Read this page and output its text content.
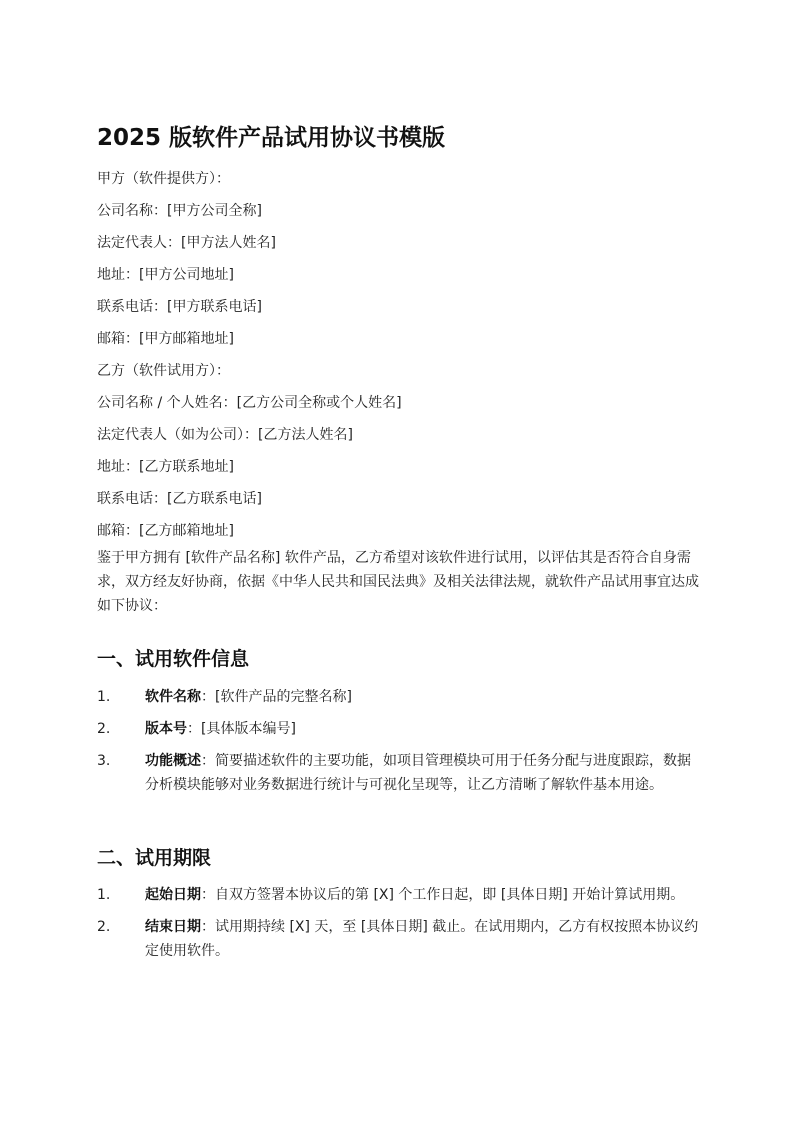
2025 版软件产品试用协议书模版
甲方（软件提供方）：
公司名称：[甲方公司全称]
法定代表人：[甲方法人姓名]
地址：[甲方公司地址]
联系电话：[甲方联系电话]
邮箱：[甲方邮箱地址]
乙方（软件试用方）：
公司名称 / 个人姓名：[乙方公司全称或个人姓名]
法定代表人（如为公司）：[乙方法人姓名]
地址：[乙方联系地址]
联系电话：[乙方联系电话]
邮箱：[乙方邮箱地址]

鉴于甲方拥有 [软件产品名称] 软件产品，乙方希望对该软件进行试用，以评估其是否符合自身需求，双方经友好协商，依据《中华人民共和国民法典》及相关法律法规，就软件产品试用事宜达成如下协议：

一、试用软件信息
1.	软件名称：[软件产品的完整名称]
2.	版本号：[具体版本编号]
3.	功能概述：简要描述软件的主要功能，如项目管理模块可用于任务分配与进度跟踪，数据分析模块能够对业务数据进行统计与可视化呈现等，让乙方清晰了解软件基本用途。
二、试用期限
1.	起始日期：自双方签署本协议后的第 [X] 个工作日起，即 [具体日期] 开始计算试用期。
2.	结束日期：试用期持续 [X] 天，至 [具体日期] 截止。在试用期内，乙方有权按照本协议约定使用软件。
